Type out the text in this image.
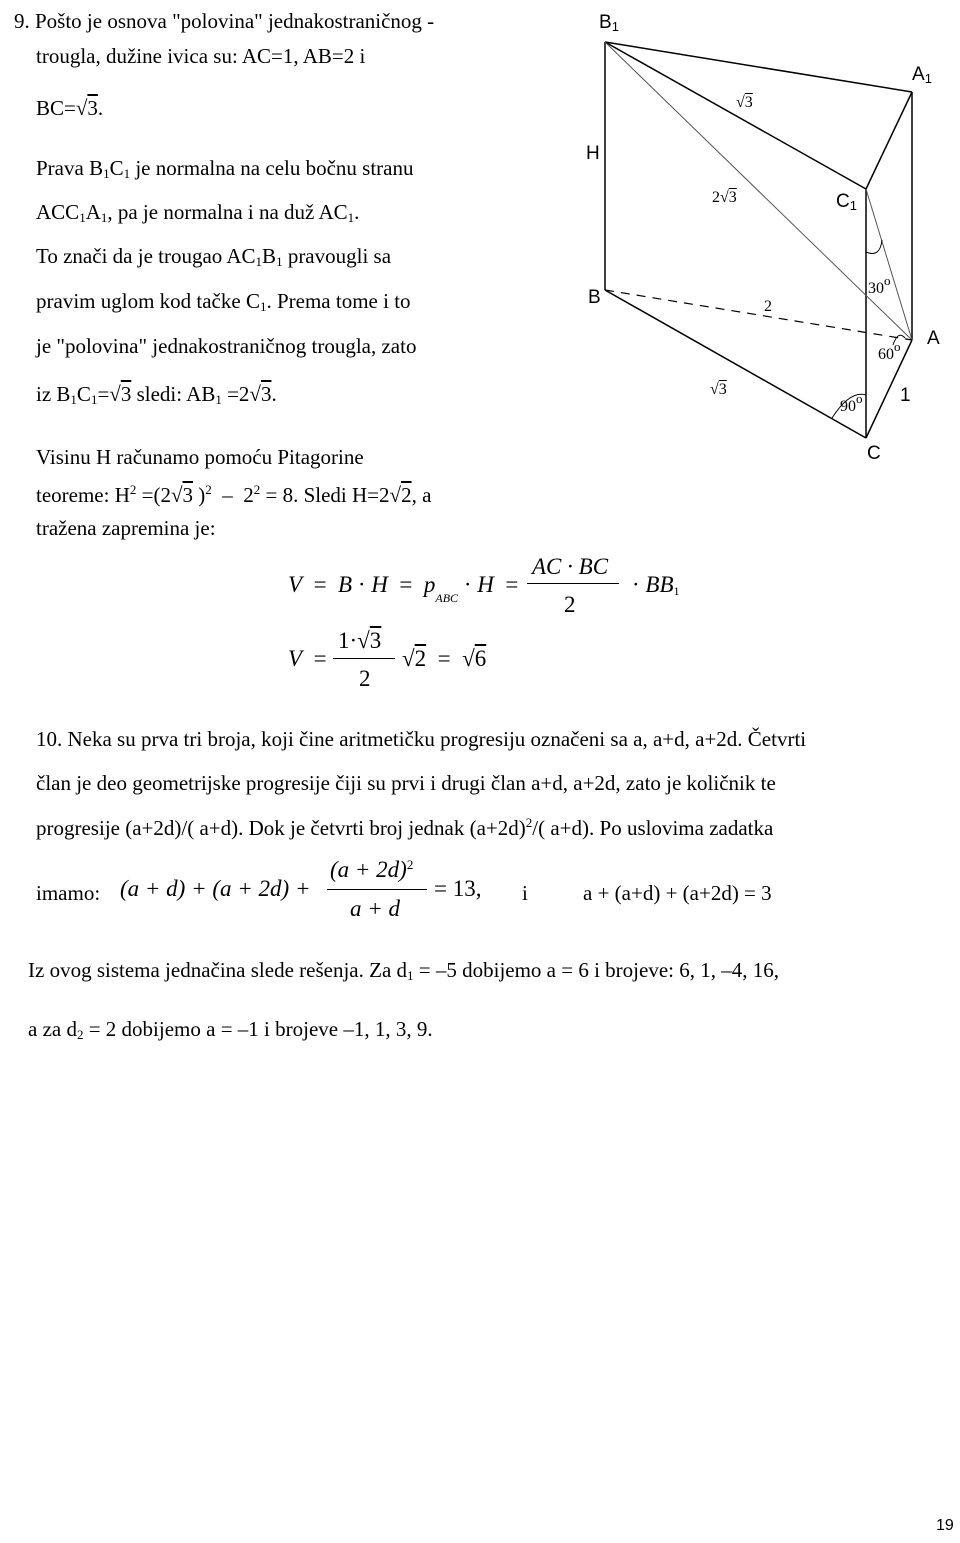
9. Pošto je osnova "polovina" jednakostraničnog -
trougla, dužine ivica su: AC=1, AB=2 i
BC=√3.
Prava $B_1C_1$ je normalna na celu bočnu stranu
$ACC_1A_1$, pa je normalna i na duž $AC_1$.
To znači da je trougao $AC_1B_1$ pravougli sa
pravim uglom kod tačke $C_1$. Prema tome i to
je "polovina" jednakostraničnog trougla, zato
iz $B_1C_1=√3$ sledi: $AB_1 =2√3$.
Visinu H računamo pomoću Pitagorine
teoreme: $H^2 =(2√3$ )$^2 - 2^2 = 8$. Sledi H=2√2, a
tražena zapremina je:
$B_1$
$A_1$
H
$C_1$
B
A
C
√3
2√3
2
√3	1
30$^o$
60$^o$
90$^o$
$V = B \cdot H = p_{ABC} \cdot H$ =
AC · BC
2
· $BB_1$
V =
1·√3
2
√2 = √6
10. Neka su prva tri broja, koji čine aritmetičku progresiju označeni sa a, a+d, a+2d. Četvrti
član je deo geometrijske progresije čiji su prvi i drugi član a+d, a+2d, zato je količnik te
progresije (a+2d)/( a+d). Dok je četvrti broj jednak $(a+2d)^2/$( a+d). Po uslovima zadatka
imamo: (a + d) + (a + 2d) +
$(a + 2d)^2$
a + d
= 13, i	a + (a+d) + (a+2d) = 3
Iz ovog sistema jednačina slede rešenja. Za $d_1 = -5$ dobijemo a = 6 i brojeve: 6, 1, –4, 16,
a za $d_2 = 2$ dobijemo a = –1 i brojeve –1, 1, 3, 9.
19
